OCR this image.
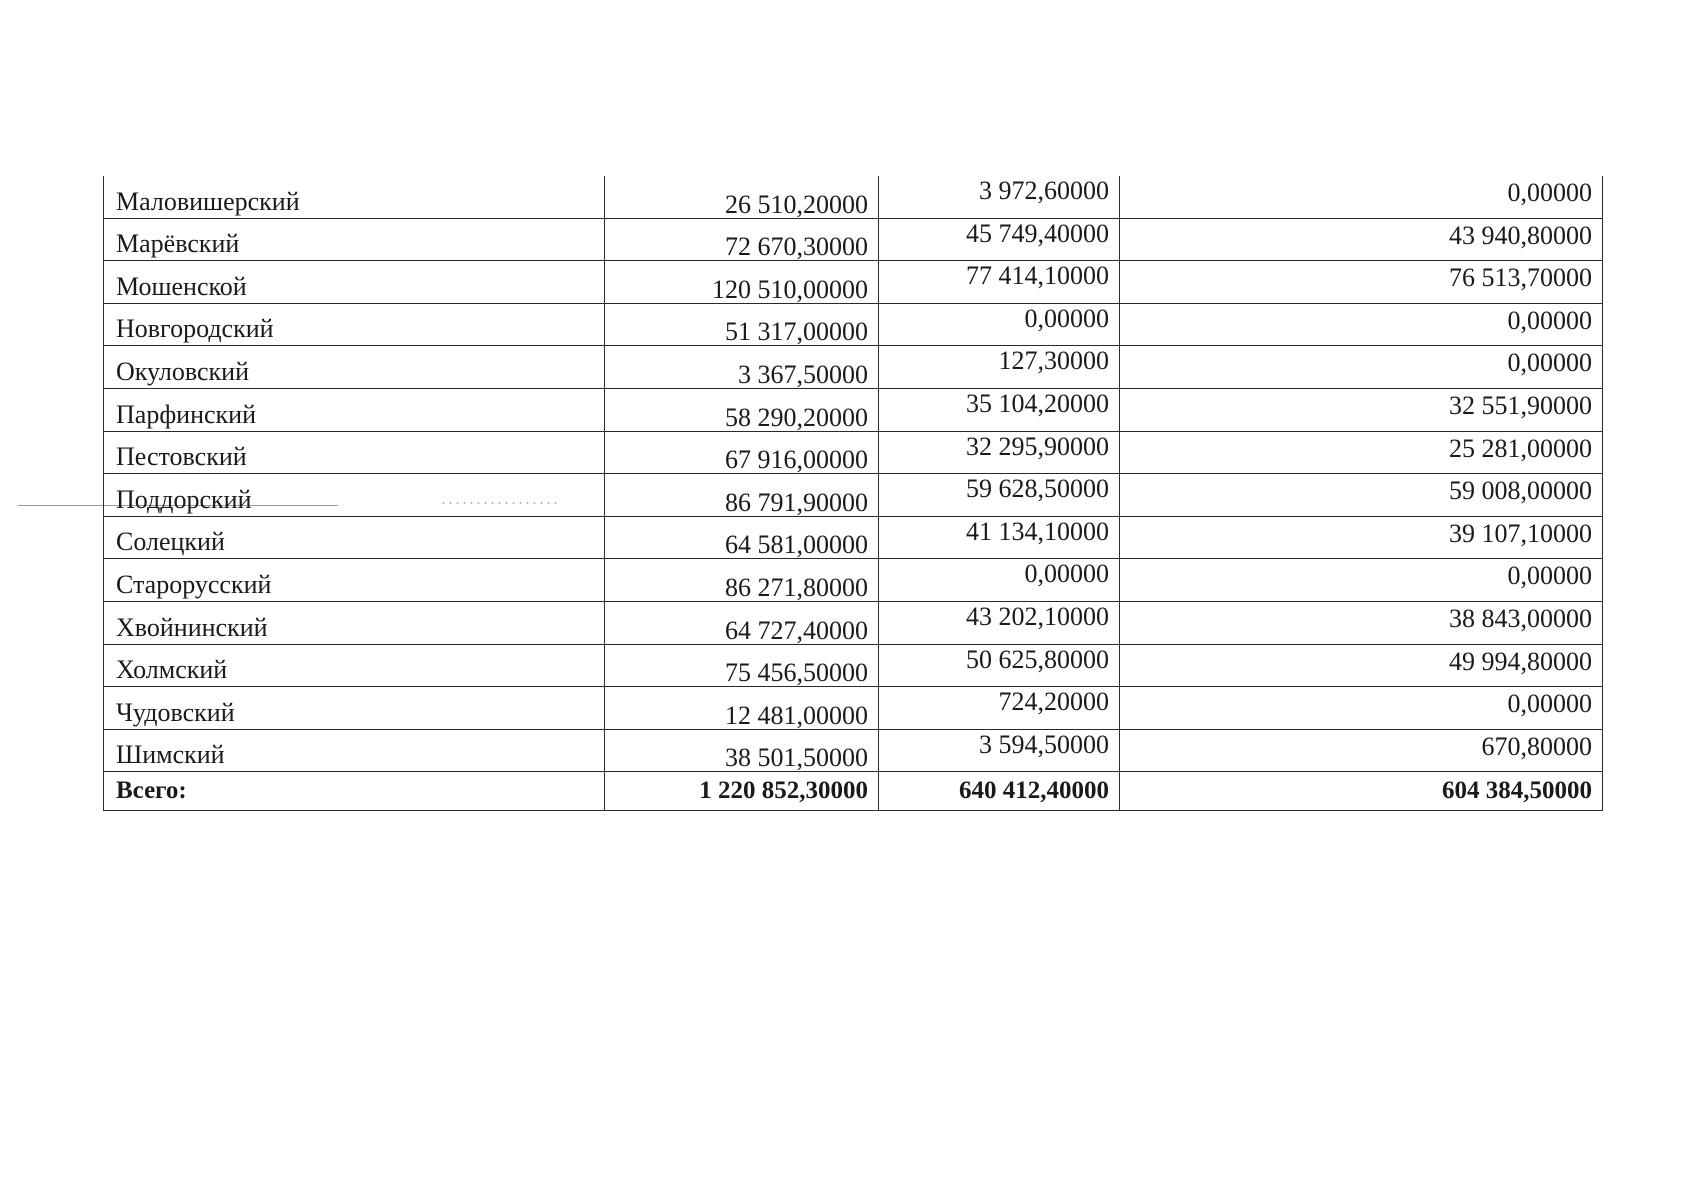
Маловишерский	26 510,20000	3 972,60000	0,00000
Марёвский	72 670,30000	45 749,40000	43 940,80000
Мошенской	120 510,00000	77 414,10000	76 513,70000
Новгородский	51 317,00000	0,00000	0,00000
Окуловский	3 367,50000	127,30000	0,00000
Парфинский	58 290,20000	35 104,20000	32 551,90000
Пестовский	67 916,00000	32 295,90000	25 281,00000
Поддорский	86 791,90000	59 628,50000	59 008,00000
Солецкий	64 581,00000	41 134,10000	39 107,10000
Старорусский	86 271,80000	0,00000	0,00000
Хвойнинский	64 727,40000	43 202,10000	38 843,00000
Холмский	75 456,50000	50 625,80000	49 994,80000
Чудовский	12 481,00000	724,20000	0,00000
Шимский	38 501,50000	3 594,50000	670,80000
Всего:	1 220 852,30000	640 412,40000	604 384,50000
